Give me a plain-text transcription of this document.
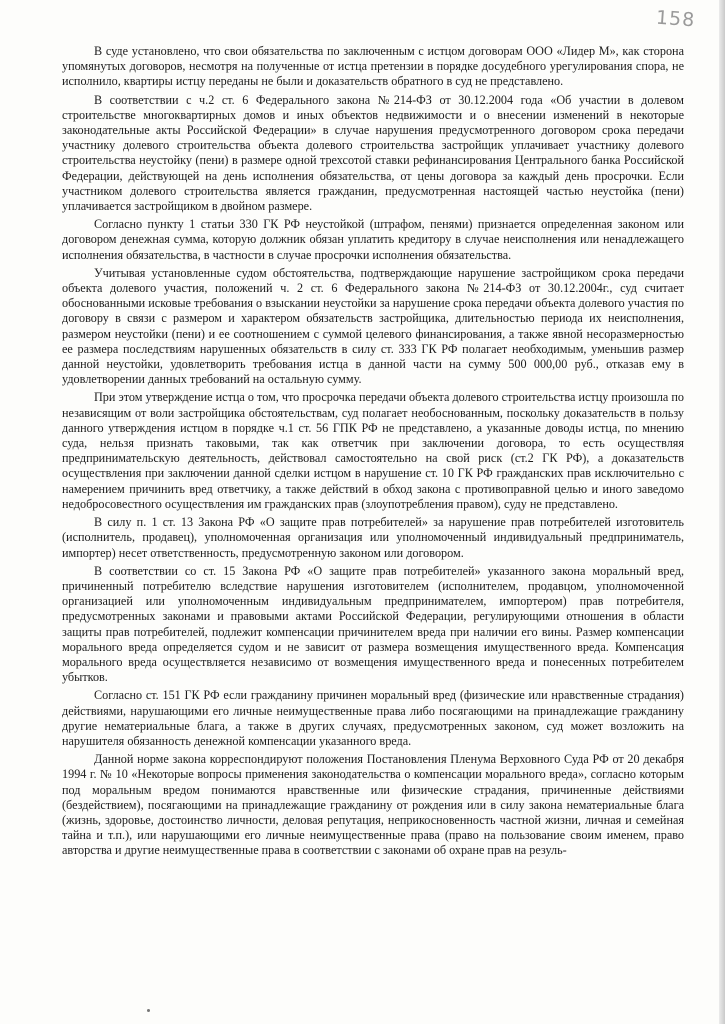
158

В суде установлено, что свои обязательства по заключенным с истцом договорам ООО «Лидер М», как сторона упомянутых договоров, несмотря на полученные от истца претензии в порядке досудебного урегулирования спора, не исполнило, квартиры истцу переданы не были и доказательств обратного в суд не представлено.

В соответствии с ч.2 ст. 6 Федерального закона №214-ФЗ от 30.12.2004 года «Об участии в долевом строительстве многоквартирных домов и иных объектов недвижимости и о внесении изменений в некоторые законодательные акты Российской Федерации» в случае нарушения предусмотренного договором срока передачи участнику долевого строительства объекта долевого строительства застройщик уплачивает участнику долевого строительства неустойку (пени) в размере одной трехсотой ставки рефинансирования Центрального банка Российской Федерации, действующей на день исполнения обязательства, от цены договора за каждый день просрочки. Если участником долевого строительства является гражданин, предусмотренная настоящей частью неустойка (пени) уплачивается застройщиком в двойном размере.

Согласно пункту 1 статьи 330 ГК РФ неустойкой (штрафом, пенями) признается определенная законом или договором денежная сумма, которую должник обязан уплатить кредитору в случае неисполнения или ненадлежащего исполнения обязательства, в частности в случае просрочки исполнения обязательства.

Учитывая установленные судом обстоятельства, подтверждающие нарушение застройщиком срока передачи объекта долевого участия, положений ч. 2 ст. 6 Федерального закона №214-ФЗ от 30.12.2004г., суд считает обоснованными исковые требования о взыскании неустойки за нарушение срока передачи объекта долевого участия по договору в связи с размером и характером обязательств застройщика, длительностью периода их неисполнения, размером неустойки (пени) и ее соотношением с суммой целевого финансирования, а также явной несоразмерностью ее размера последствиям нарушенных обязательств в силу ст. 333 ГК РФ полагает необходимым, уменьшив размер данной неустойки, удовлетворить требования истца в данной части на сумму 500 000,00 руб., отказав ему в удовлетворении данных требований на остальную сумму.

При этом утверждение истца о том, что просрочка передачи объекта долевого строительства истцу произошла по независящим от воли застройщика обстоятельствам, суд полагает необоснованным, поскольку доказательств в пользу данного утверждения истцом в порядке ч.1 ст. 56 ГПК РФ не представлено, а указанные доводы истца, по мнению суда, нельзя признать таковыми, так как ответчик при заключении договора, то есть осуществляя предпринимательскую деятельность, действовал самостоятельно на свой риск (ст.2 ГК РФ), а доказательств осуществления при заключении данной сделки истцом в нарушение ст. 10 ГК РФ гражданских прав исключительно с намерением причинить вред ответчику, а также действий в обход закона с противоправной целью и иного заведомо недобросовестного осуществления им гражданских прав (злоупотребления правом), суду не представлено.

В силу п. 1 ст. 13 Закона РФ «О защите прав потребителей» за нарушение прав потребителей изготовитель (исполнитель, продавец), уполномоченная организация или уполномоченный индивидуальный предприниматель, импортер) несет ответственность, предусмотренную законом или договором.

В соответствии со ст. 15 Закона РФ «О защите прав потребителей» указанного закона моральный вред, причиненный потребителю вследствие нарушения изготовителем (исполнителем, продавцом, уполномоченной организацией или уполномоченным индивидуальным предпринимателем, импортером) прав потребителя, предусмотренных законами и правовыми актами Российской Федерации, регулирующими отношения в области защиты прав потребителей, подлежит компенсации причинителем вреда при наличии его вины. Размер компенсации морального вреда определяется судом и не зависит от размера возмещения имущественного вреда. Компенсация морального вреда осуществляется независимо от возмещения имущественного вреда и понесенных потребителем убытков.

Согласно ст. 151 ГК РФ если гражданину причинен моральный вред (физические или нравственные страдания) действиями, нарушающими его личные неимущественные права либо посягающими на принадлежащие гражданину другие нематериальные блага, а также в других случаях, предусмотренных законом, суд может возложить на нарушителя обязанность денежной компенсации указанного вреда.

Данной норме закона корреспондируют положения Постановления Пленума Верховного Суда РФ от 20 декабря 1994 г. № 10 «Некоторые вопросы применения законодательства о компенсации морального вреда», согласно которым под моральным вредом понимаются нравственные или физические страдания, причиненные действиями (бездействием), посягающими на принадлежащие гражданину от рождения или в силу закона нематериальные блага (жизнь, здоровье, достоинство личности, деловая репутация, неприкосновенность частной жизни, личная и семейная тайна и т.п.), или нарушающими его личные неимущественные права (право на пользование своим именем, право авторства и другие неимущественные права в соответствии с законами об охране прав на резуль-
